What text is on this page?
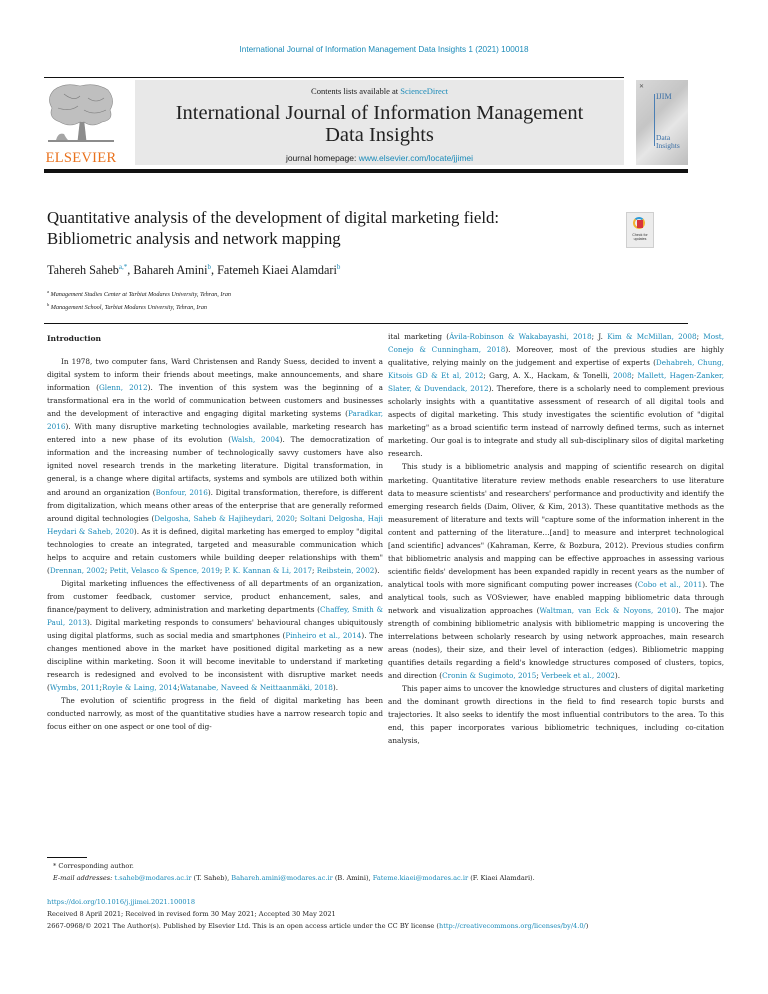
International Journal of Information Management Data Insights 1 (2021) 100018
ELSEVIER
Contents lists available at ScienceDirect
International Journal of Information Management Data Insights
journal homepage: www.elsevier.com/locate/jjimei
✕
IJIM
Data
Insights
Quantitative analysis of the development of digital marketing field:
Bibliometric analysis and network mapping	Check for
updates
Tahereh Saheb$^{a,*}$, Bahareh Amini$^b$, Fatemeh Kiaei Alamdari$^b$
$^a$ Management Studies Center at Tarbiat Modares University, Tehran, Iran
$^b$ Management School, Tarbiat Modares University, Tehran, Iran
Introduction

In 1978, two computer fans, Ward Christensen and Randy Suess, decided to invent a digital system to inform their friends about meetings, make announcements, and share information (Glenn, 2012). The invention of this system was the beginning of a transformational era in the world of communication between customers and businesses and the development of interactive and engaging digital marketing systems (Paradkar, 2016). With many disruptive marketing technologies available, marketing research has entered into a new phase of its evolution (Walsh, 2004). The democratization of information and the increasing number of technologically savvy customers have also ignited novel research trends in the marketing literature. Digital transformation, in general, is a change where digital artifacts, systems and symbols are utilized both within and around an organization (Bonfour, 2016). Digital transformation, therefore, is different from digitalization, which means other areas of the enterprise that are generally reformed around digital technologies (Delgosha, Saheb & Hajiheydari, 2020; Soltani Delgosha, Haji Heydari & Saheb, 2020). As it is defined, digital marketing has emerged to employ "digital technologies to create an integrated, targeted and measurable communication which helps to acquire and retain customers while building deeper relationships with them" (Drennan, 2002; Petit, Velasco & Spence, 2019; P. K. Kannan & Li, 2017; Reibstein, 2002).

Digital marketing influences the effectiveness of all departments of an organization, from customer feedback, customer service, product enhancement, sales, and finance/payment to delivery, administration and marketing departments (Chaffey, Smith & Paul, 2013). Digital marketing responds to consumers' behavioural changes ubiquitously using digital platforms, such as social media and smartphones (Pinheiro et al., 2014). The changes mentioned above in the market have positioned digital marketing as a new discipline within marketing. Soon it will become inevitable to understand if marketing research is redesigned and evolved to be inconsistent with disruptive market needs (Wymbs, 2011;Royle & Laing, 2014;Watanabe, Naveed & Neittaanmäki, 2018).

The evolution of scientific progress in the field of digital marketing has been conducted narrowly, as most of the quantitative studies have a narrow research topic and focus either on one aspect or one tool of dig-

ital marketing (Ávila-Robinson & Wakabayashi, 2018; J. Kim & McMillan, 2008; Most, Conejo & Cunningham, 2018). Moreover, most of the previous studies are highly qualitative, relying mainly on the judgement and expertise of experts (Dehabreh, Chung, Kitsois GD & Et al, 2012; Garg, A. X., Hackam, & Tonelli, 2008; Mallett, Hagen-Zanker, Slater, & Duvendack, 2012). Therefore, there is a scholarly need to complement previous scholarly insights with a quantitative assessment of research of all digital tools and aspects of digital marketing. This study investigates the scientific evolution of "digital marketing" as a broad scientific term instead of narrowly defined terms, such as internet marketing. Our goal is to integrate and study all sub-disciplinary silos of digital marketing research.

This study is a bibliometric analysis and mapping of scientific research on digital marketing. Quantitative literature review methods enable researchers to use literature data to measure scientists' and researchers' performance and productivity and identify the emerging research fields (Daim, Oliver, & Kim, 2013). These quantitative methods as the measurement of literature and texts will "capture some of the information inherent in the content and patterning of the literature…[and] to measure and interpret technological [and scientific] advances" (Kahraman, Kerre, & Bozbura, 2012). Previous studies confirm that bibliometric analysis and mapping can be effective approaches in assessing various scientific fields' development has been expanded rapidly in recent years as the number of analytical tools with more significant computing power increases (Cobo et al., 2011). The analytical tools, such as VOSviewer, have enabled mapping bibliometric data through network and visualization approaches (Waltman, van Eck & Noyons, 2010). The major strength of combining bibliometric analysis with bibliometric mapping is uncovering the interrelations between scholarly research by using network approaches, main research areas (nodes), their size, and their level of interaction (edges). Bibliometric mapping quantifies details regarding a field's knowledge structures composed of clusters, topics, and direction (Cronin & Sugimoto, 2015; Verbeek et al., 2002).

This paper aims to uncover the knowledge structures and clusters of digital marketing and the dominant growth directions in the field to find research topic bursts and trajectories. It also seeks to identify the most influential contributors to the area. To this end, this paper incorporates various bibliometric techniques, including co-citation analysis,

* Corresponding author.
E-mail addresses: t.saheb@modares.ac.ir (T. Saheb), Bahareh.amini@modares.ac.ir (B. Amini), Fateme.kiaei@modares.ac.ir (F. Kiaei Alamdari).
https://doi.org/10.1016/j.jjimei.2021.100018
Received 8 April 2021; Received in revised form 30 May 2021; Accepted 30 May 2021
2667-0968/© 2021 The Author(s). Published by Elsevier Ltd. This is an open access article under the CC BY license (http://creativecommons.org/licenses/by/4.0/)
